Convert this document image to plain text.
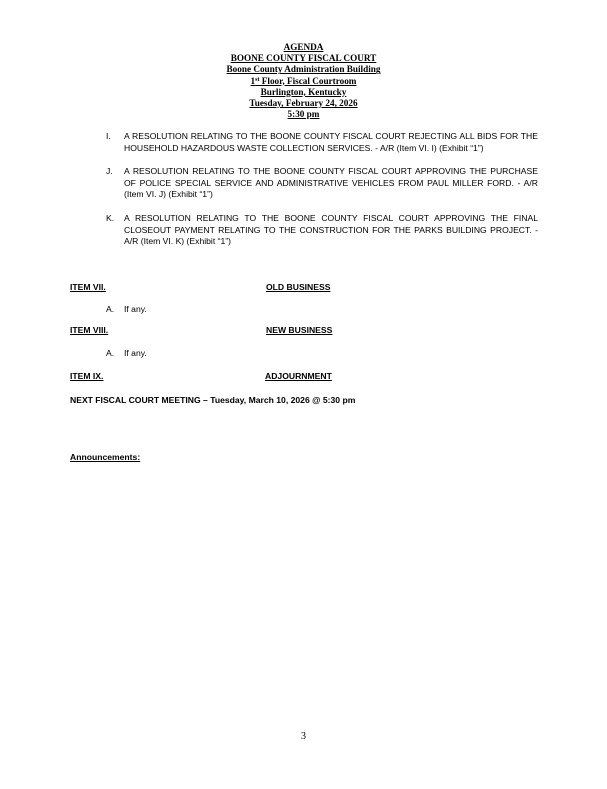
AGENDA
BOONE COUNTY FISCAL COURT
Boone County Administration Building
1st Floor, Fiscal Courtroom
Burlington, Kentucky
Tuesday, February 24, 2026
5:30 pm
I. A RESOLUTION RELATING TO THE BOONE COUNTY FISCAL COURT REJECTING ALL BIDS FOR THE HOUSEHOLD HAZARDOUS WASTE COLLECTION SERVICES. - A/R (Item VI. I) (Exhibit “1”)
J. A RESOLUTION RELATING TO THE BOONE COUNTY FISCAL COURT APPROVING THE PURCHASE OF POLICE SPECIAL SERVICE AND ADMINISTRATIVE VEHICLES FROM PAUL MILLER FORD. - A/R (Item VI. J) (Exhibit “1”)
K. A RESOLUTION RELATING TO THE BOONE COUNTY FISCAL COURT APPROVING THE FINAL CLOSEOUT PAYMENT RELATING TO THE CONSTRUCTION FOR THE PARKS BUILDING PROJECT. - A/R (Item VI. K) (Exhibit “1”)
ITEM VII.	OLD BUSINESS
A. If any.
ITEM VIII.	NEW BUSINESS
A. If any.
ITEM IX.	ADJOURNMENT
NEXT FISCAL COURT MEETING – Tuesday, March 10, 2026 @ 5:30 pm
Announcements:
3
